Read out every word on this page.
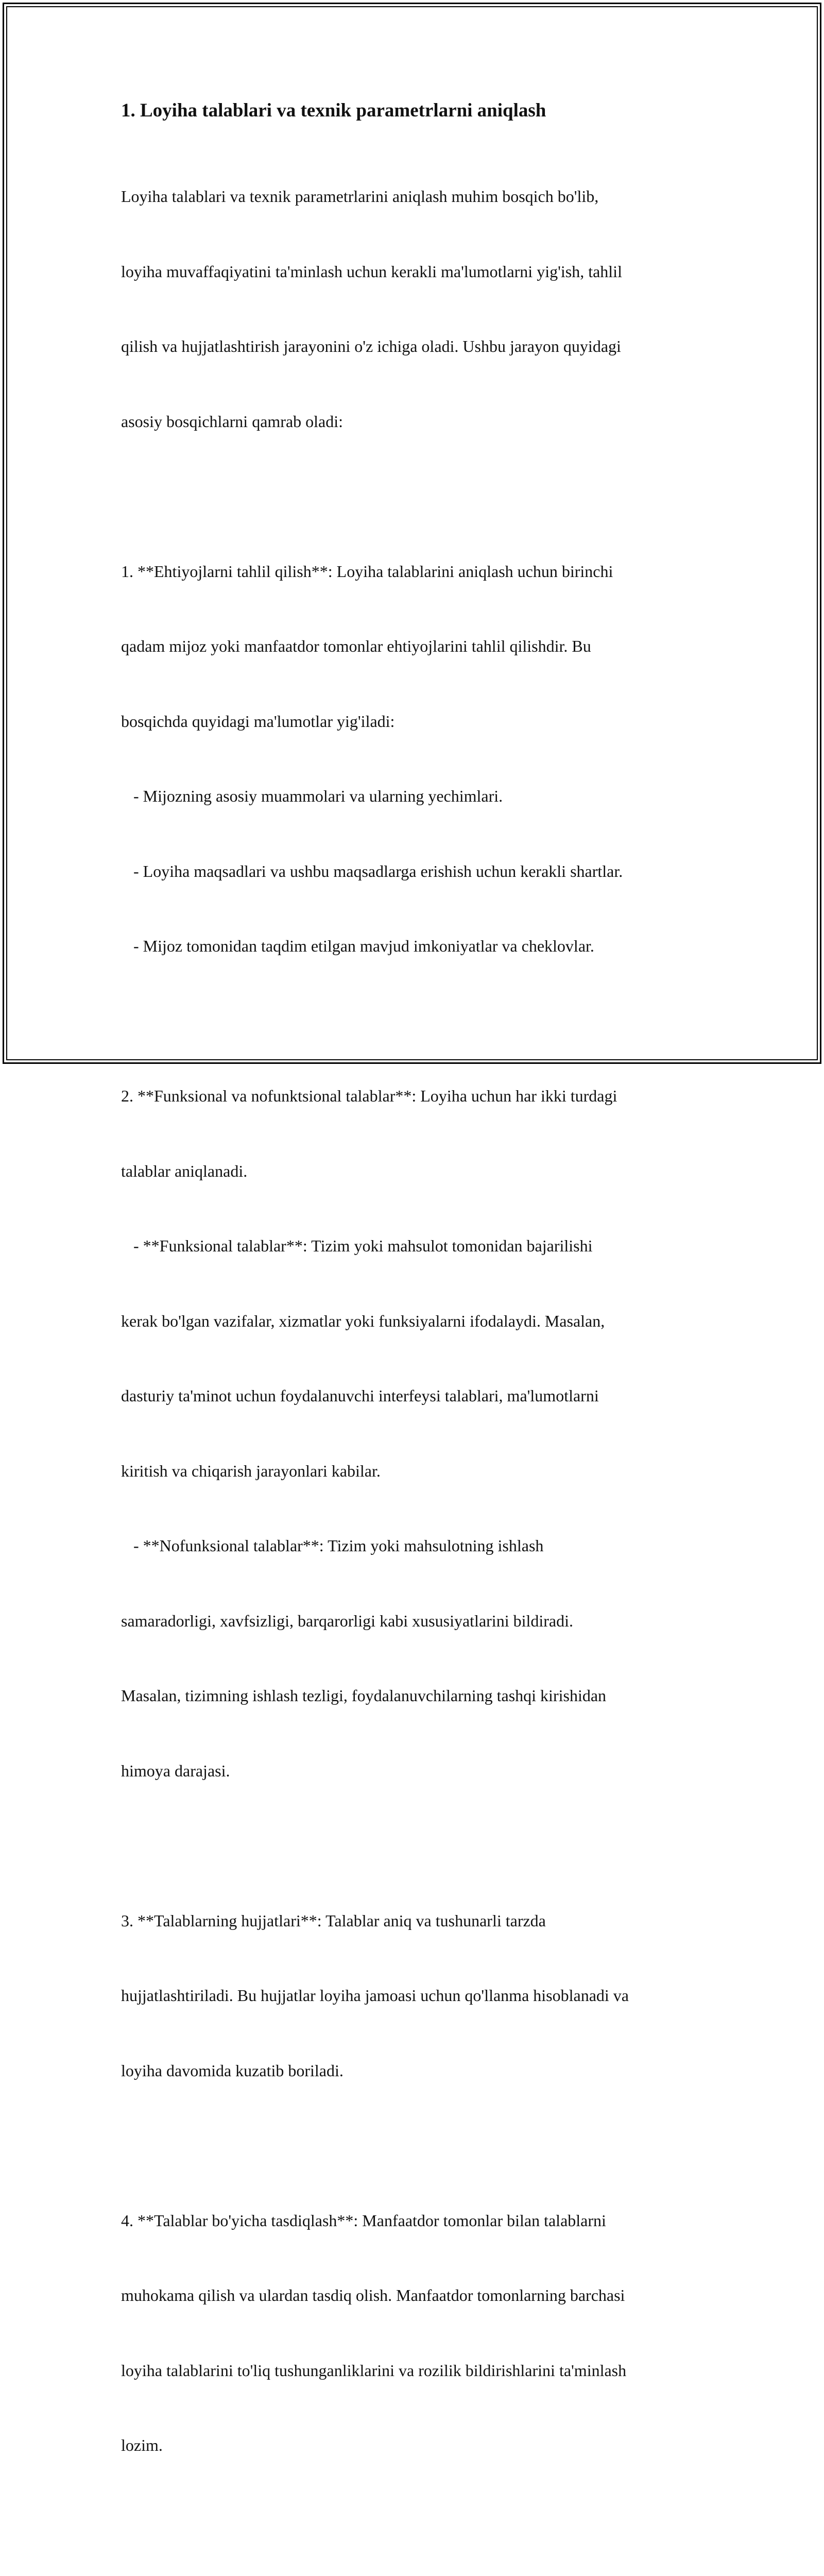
1. Loyiha talablari va texnik parametrlarni aniqlash

Loyiha talablari va texnik parametrlarini aniqlash muhim bosqich bo'lib,

loyiha muvaffaqiyatini ta'minlash uchun kerakli ma'lumotlarni yig'ish, tahlil

qilish va hujjatlashtirish jarayonini o'z ichiga oladi. Ushbu jarayon quyidagi

asosiy bosqichlarni qamrab oladi:

1. **Ehtiyojlarni tahlil qilish**: Loyiha talablarini aniqlash uchun birinchi

qadam mijoz yoki manfaatdor tomonlar ehtiyojlarini tahlil qilishdir. Bu

bosqichda quyidagi ma'lumotlar yig'iladi:

- Mijozning asosiy muammolari va ularning yechimlari.

- Loyiha maqsadlari va ushbu maqsadlarga erishish uchun kerakli shartlar.

- Mijoz tomonidan taqdim etilgan mavjud imkoniyatlar va cheklovlar.

2. **Funksional va nofunktsional talablar**: Loyiha uchun har ikki turdagi

talablar aniqlanadi.

- **Funksional talablar**: Tizim yoki mahsulot tomonidan bajarilishi

kerak bo'lgan vazifalar, xizmatlar yoki funksiyalarni ifodalaydi. Masalan,

dasturiy ta'minot uchun foydalanuvchi interfeysi talablari, ma'lumotlarni

kiritish va chiqarish jarayonlari kabilar.

- **Nofunksional talablar**: Tizim yoki mahsulotning ishlash

samaradorligi, xavfsizligi, barqarorligi kabi xususiyatlarini bildiradi.

Masalan, tizimning ishlash tezligi, foydalanuvchilarning tashqi kirishidan

himoya darajasi.

3. **Talablarning hujjatlari**: Talablar aniq va tushunarli tarzda

hujjatlashtiriladi. Bu hujjatlar loyiha jamoasi uchun qo'llanma hisoblanadi va

loyiha davomida kuzatib boriladi.

4. **Talablar bo'yicha tasdiqlash**: Manfaatdor tomonlar bilan talablarni

muhokama qilish va ulardan tasdiq olish. Manfaatdor tomonlarning barchasi

loyiha talablarini to'liq tushunganliklarini va rozilik bildirishlarini ta'minlash

lozim.
